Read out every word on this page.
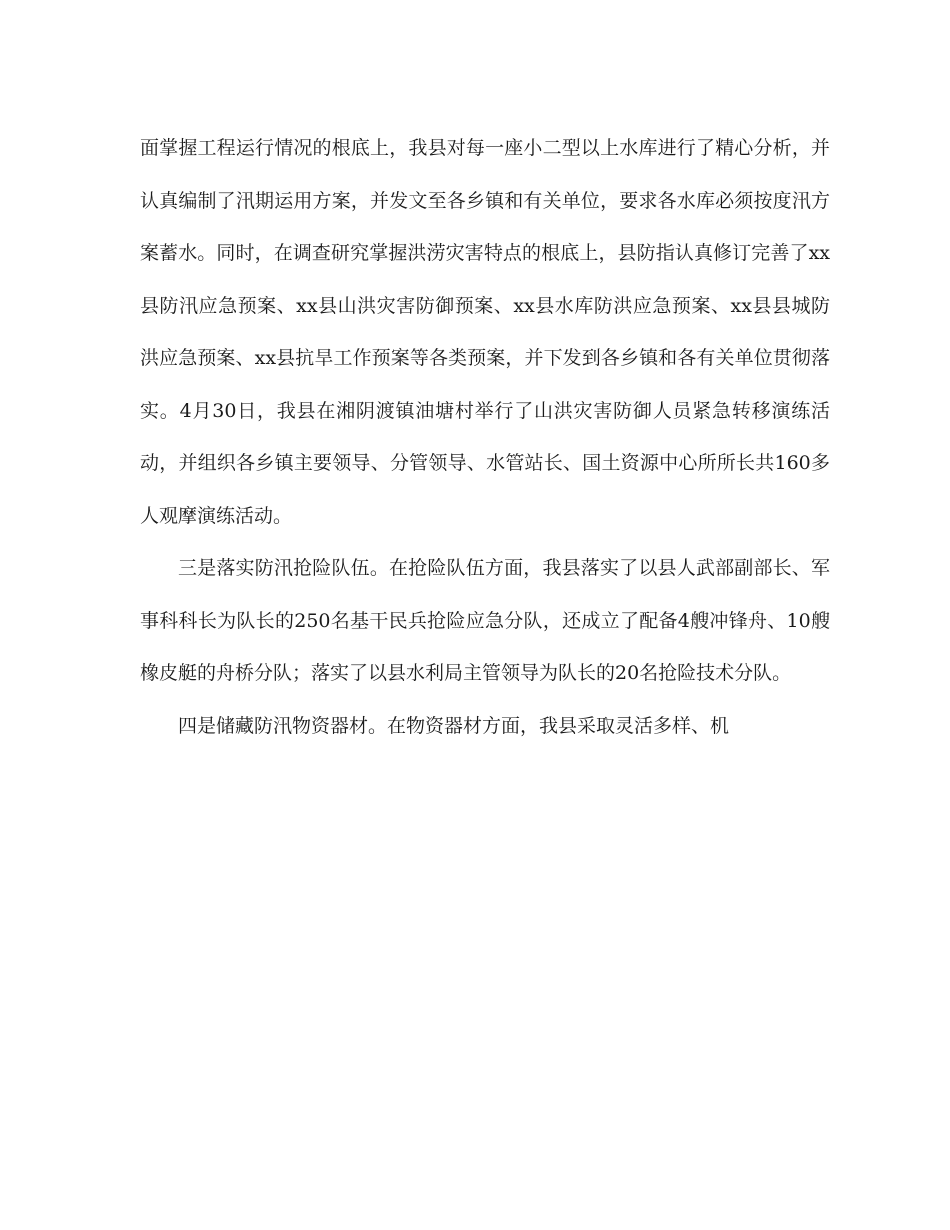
面掌握工程运行情况的根底上，我县对每一座小二型以上水库进行了精心分析，并认真编制了汛期运用方案，并发文至各乡镇和有关单位，要求各水库必须按度汛方案蓄水。同时，在调查研究掌握洪涝灾害特点的根底上，县防指认真修订完善了xx县防汛应急预案、xx县山洪灾害防御预案、xx县水库防洪应急预案、xx县县城防洪应急预案、xx县抗旱工作预案等各类预案，并下发到各乡镇和各有关单位贯彻落实。4月30日，我县在湘阴渡镇油塘村举行了山洪灾害防御人员紧急转移演练活动，并组织各乡镇主要领导、分管领导、水管站长、国土资源中心所所长共160多人观摩演练活动。

三是落实防汛抢险队伍。在抢险队伍方面，我县落实了以县人武部副部长、军事科科长为队长的250名基干民兵抢险应急分队，还成立了配备4艘冲锋舟、10艘橡皮艇的舟桥分队；落实了以县水利局主管领导为队长的20名抢险技术分队。

四是储藏防汛物资器材。在物资器材方面，我县采取灵活多样、机
